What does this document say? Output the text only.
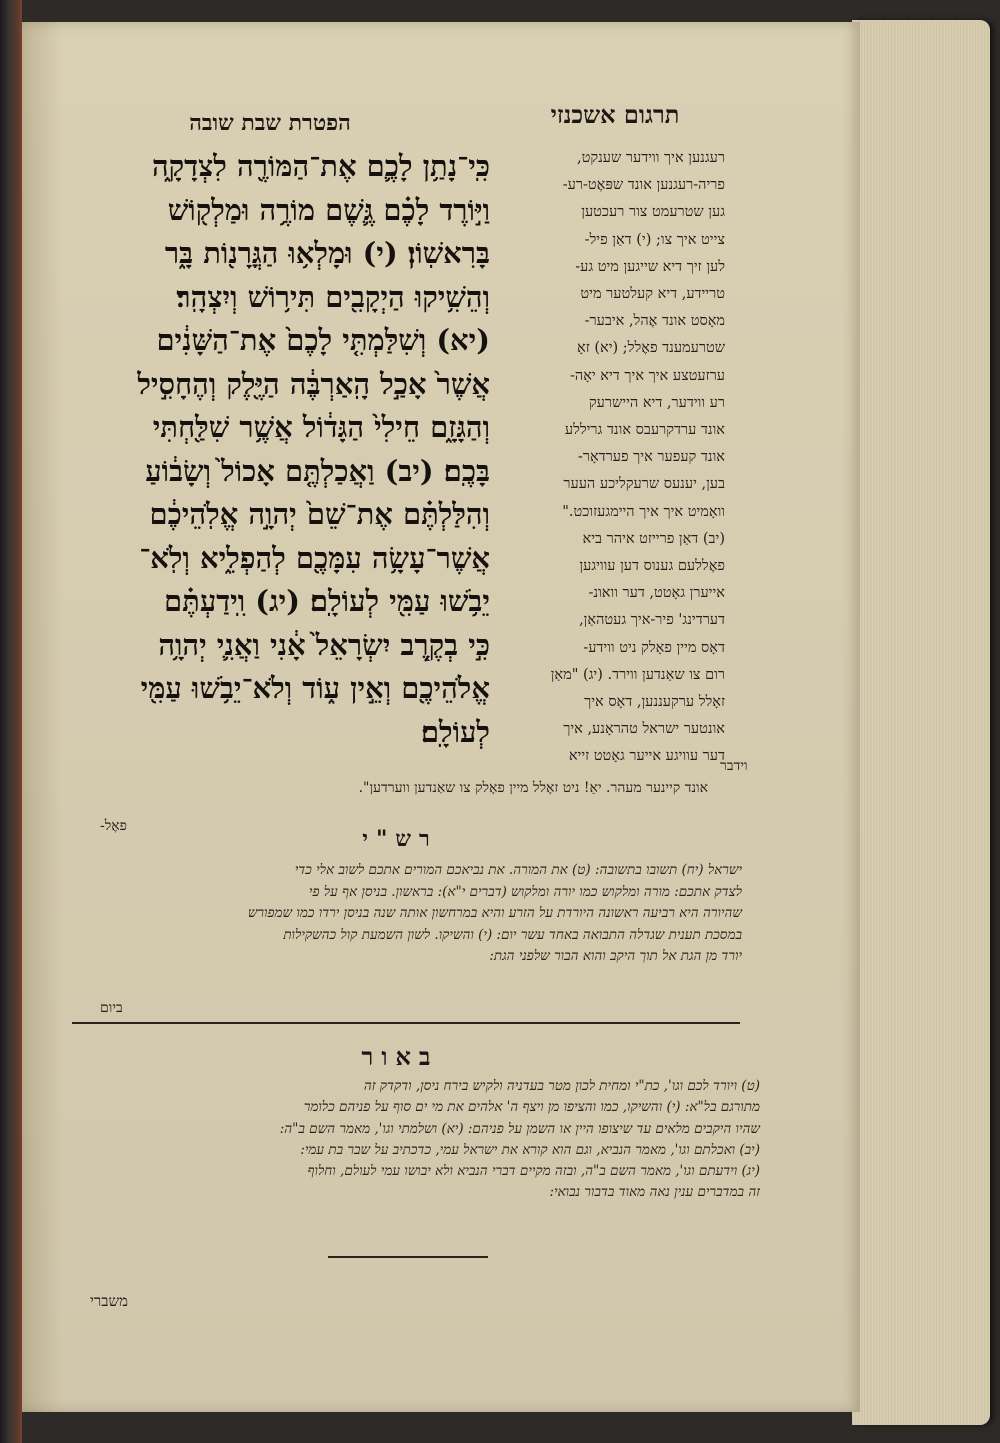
תרגום אשכנזי
הפטרת שבת שובה
רעגנען איך ווידער שענקט,
פריה-רעגנען אונד שפּאֶט-רע-
גען שטרעמט צור רעכטען
צייט איך צו; (י) דאַן פיל-
לען זיך דיא שייגען מיט גע-
טריידע, דיא קעלטער מיט
מאָסט אונד אֶהל, איבער-
שטרעמענד פאֶלל; (יא) זאָ
ערזעטצע איך איך דיא יאָה-
רע ווידער, דיא היישרעק
אונד ערדקרעבס אונד גריללע
אונד קעפער איך פערדאָר-
בען, יענעס שרעקליכע העער
וואָמיט איך איך היימגעזוכט."
(יב) דאַן פרייזט איהר ביא
פאֶללעם גענוס דען עוויגען
אייערן גאָטט, דער וואונ-
דערדינג' פיר-איך געטהאַן,
דאָס מיין פאָלק ניט ווידע-
רום צו שאַנדען ווירד. (יג) "מאַן
זאָלל ערקעננען, דאָס איך
אונטער ישראל טהראָנע, איך
דער עוויגע אייער גאָטט זייא
כִּֽי־נָתַ֥ן לָכֶ֛ם אֶת־הַמּוֹרֶ֖ה לִצְדָקָ֑ה
וַיּ֣וֹרֶד לָכֶ֗ם גֶּ֛שֶׁם מוֹרֶ֥ה וּמַלְק֖וֹשׁ
בָּרִאשֽׁוֹן׃ (י) וּמָלְא֥וּ הַגֳּרָנ֖וֹת בָּ֑ר
וְהֵשִׁ֥יקוּ הַיְקָבִ֖ים תִּיר֥וֹשׁ וְיִצְהָֽר׃
(יא) וְשִׁלַּמְתִּ֤י לָכֶם֙ אֶת־הַשָּׁנִ֔ים
אֲשֶׁר֙ אָכַ֣ל הָֽאַרְבֶּ֔ה הַיֶּ֖לֶק וְהֶחָסִ֣יל
וְהַגָּזָ֑ם חֵילִי֙ הַגָּד֔וֹל אֲשֶׁ֥ר שִׁלַּ֖חְתִּי
בָּכֶֽם׃ (יב) וַאֲכַלְתֶּ֤ם אָכוֹל֙ וְשָׂב֔וֹעַ
וְהִלַּלְתֶּ֗ם אֶת־שֵׁם֙ יְהוָ֣ה אֱלֹֽהֵיכֶ֔ם
אֲשֶׁר־עָשָׂ֥ה עִמָּכֶ֖ם לְהַפְלִ֑יא וְלֹֽא־
יֵבֹ֥שׁוּ עַמִּ֖י לְעוֹלָֽם׃ (יג) וִֽידַעְתֶּ֗ם
כִּ֣י בְקֶ֤רֶב יִשְׂרָאֵל֙ אָ֔נִי וַאֲנִ֛י יְהוָ֥ה
אֱלֹהֵיכֶ֖ם וְאֵ֣ין ע֑וֹד וְלֹא־יֵבֹ֥שׁוּ עַמִּ֖י
לְעוֹלָֽם׃
וידבר
אונד קיינער מעהר. יאַ! ניט זאָלל מיין פאָלק צו שאַנדען ווערדען".
פאֶל-	רש"י
ישראל (יח) תשובו בתשובה: (ט) את המורה. את נביאכם המורים אתכם לשוב אלי כדי
לצדק אתכם: מורה ומלקוש כמו יורה ומלקוש (דברים י"א): בראשון. בניסן אף על פי
שהיורה היא רביעה ראשונה היורדת על הזרע והיא במרחשון אותה שנה בניסן ירדו כמו שמפורש
במסכת תענית שגדלה התבואה באחד עשר יום: (י) והשיקו. לשון השמעת קול כהשקילות
יורד מן הגת אל תוך היקב והוא הבור שלפני הגת:
ביום
באור
(ט) ויורד לכם וגו', כת"י ומחית לכון מטר בעדניה ולקיש בירח ניסן, ודקדק זה
מתורגם בל"א: (י) והשיקו, כמו והציפו מן ויצף ה' אלהים את מי ים סוף על פניהם כלומר
שהיו היקבים מלאים עד שיצופו היין או השמן על פניהם: (יא) ושלמתי וגו', מאמר השם ב"ה:
(יב) ואכלתם וגו', מאמר הנביא, וגם הוא קורא את ישראל עמי, כדכתיב על שבר בת עמי:
(יג) וידעתם וגו', מאמר השם ב"ה, ובזה מקיים דברי הנביא ולא יבושו עמי לעולם, וחלוף
זה במדברים ענין נאה מאוד בדבור נבואי:
משברי
